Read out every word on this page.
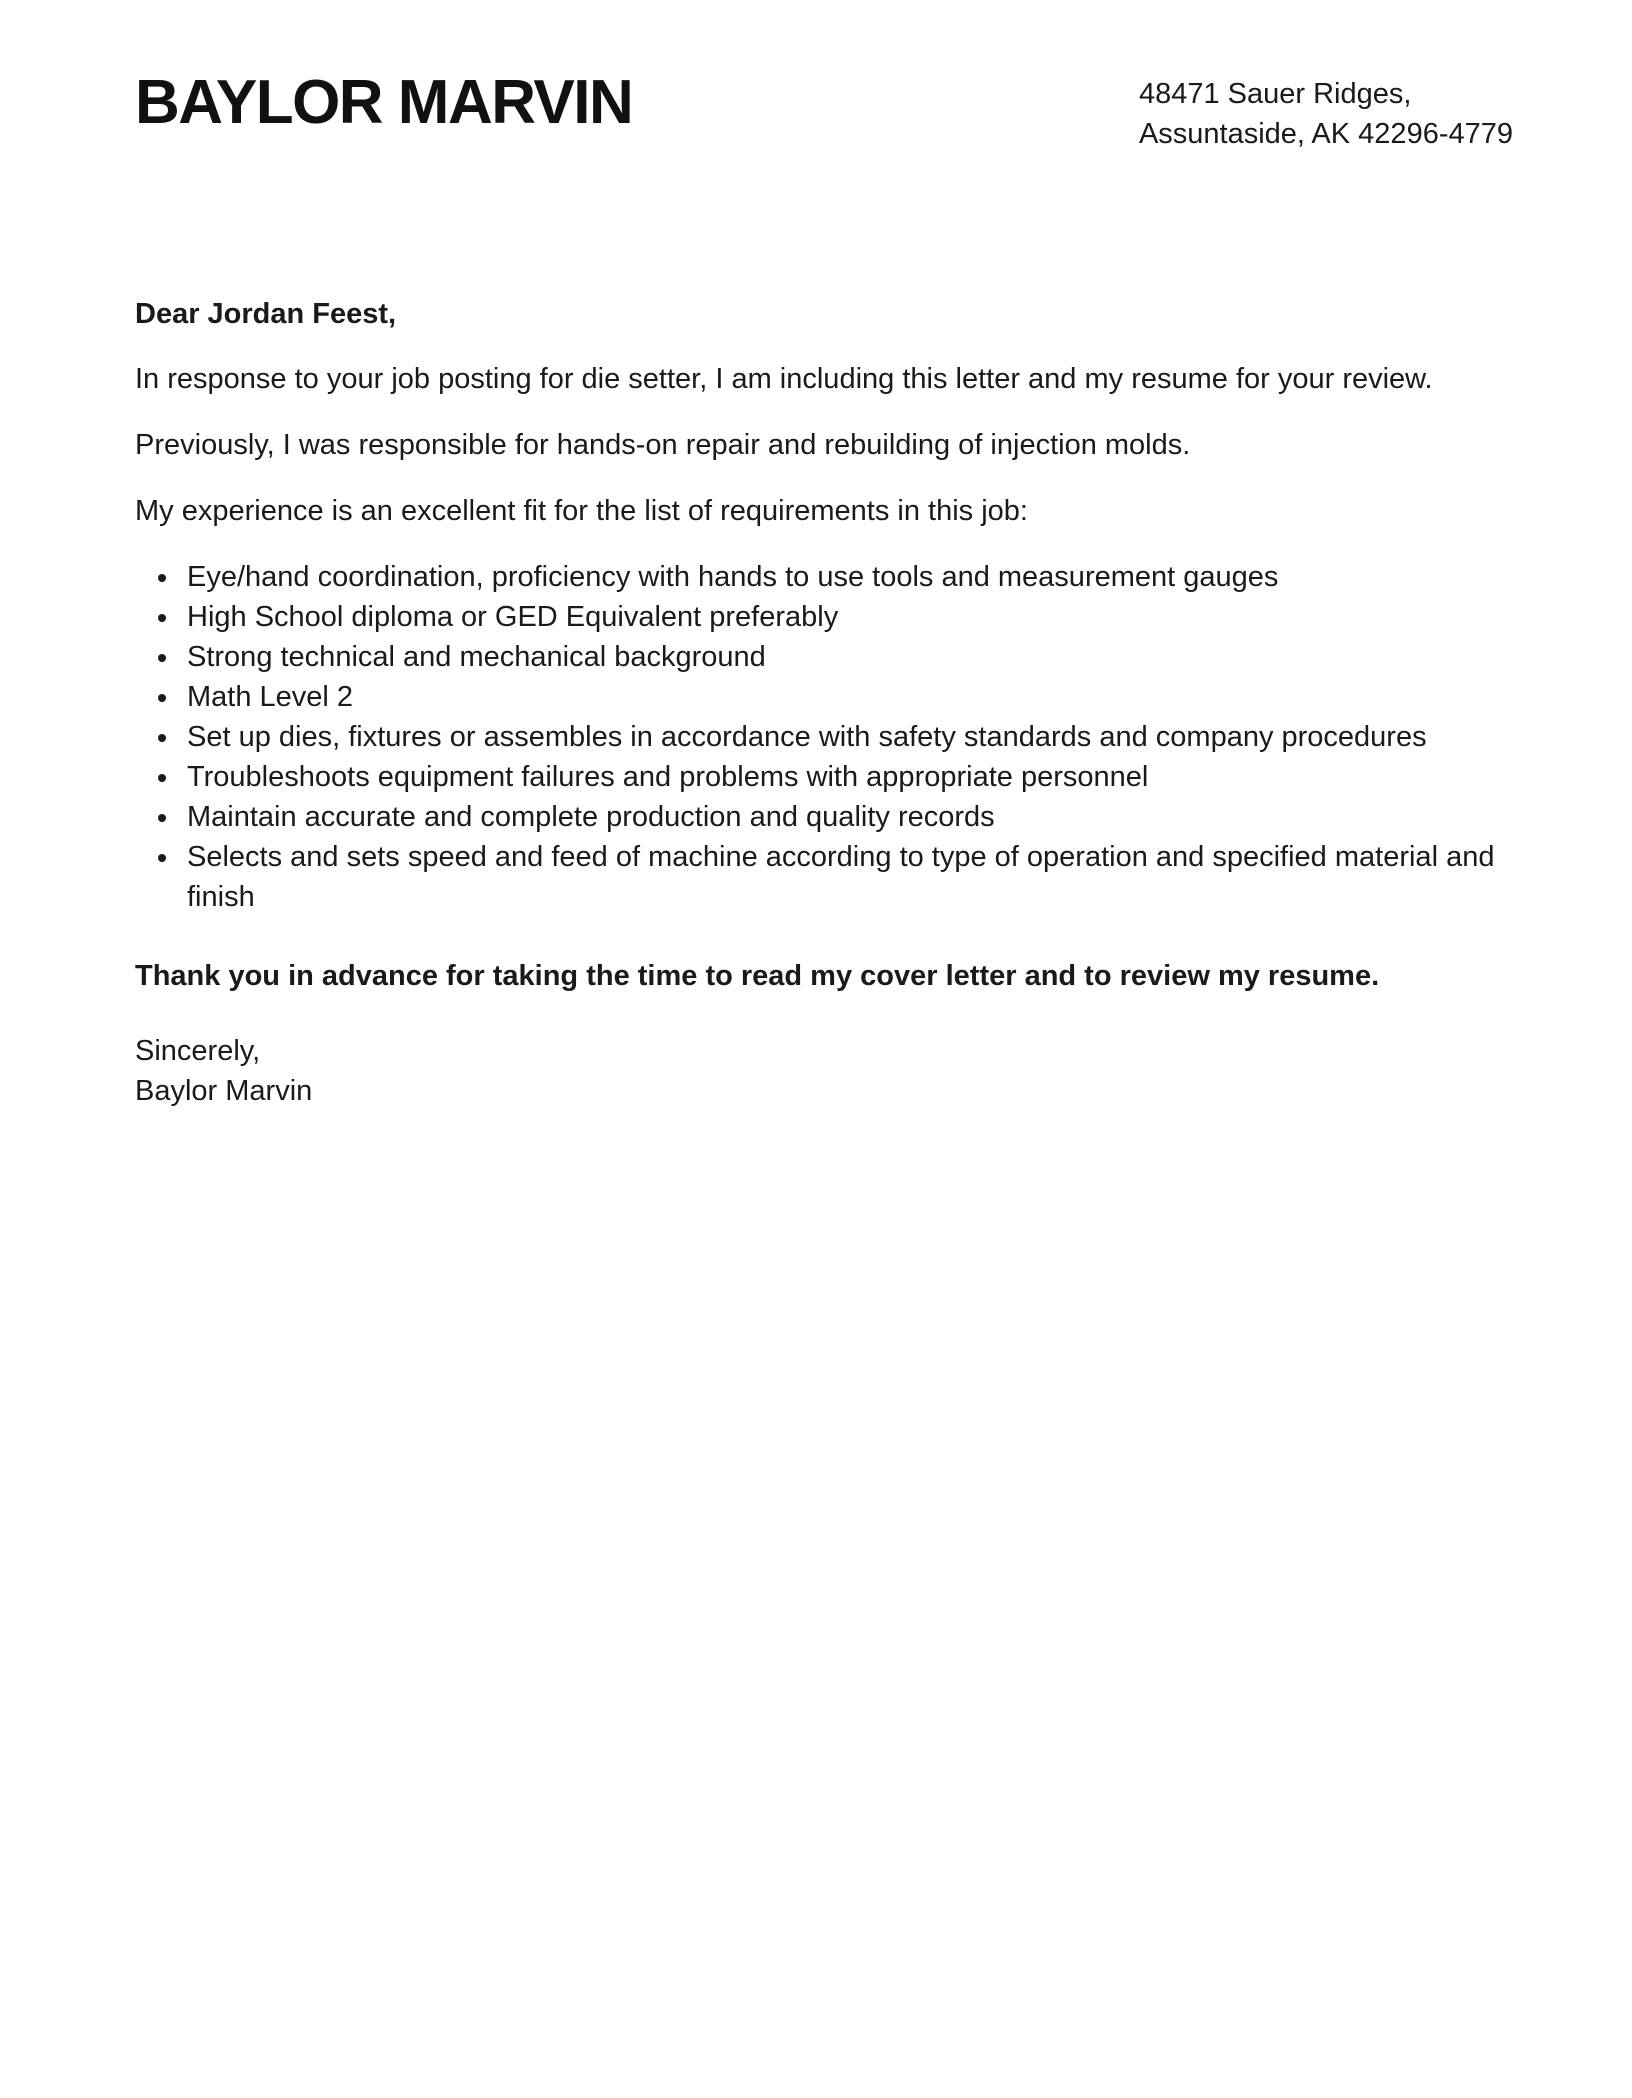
BAYLOR MARVIN	48471 Sauer Ridges,
Assuntaside, AK 42296-4779

Dear Jordan Feest,

In response to your job posting for die setter, I am including this letter and my resume for your review.

Previously, I was responsible for hands-on repair and rebuilding of injection molds.

My experience is an excellent fit for the list of requirements in this job:

• Eye/hand coordination, proficiency with hands to use tools and measurement gauges
• High School diploma or GED Equivalent preferably
• Strong technical and mechanical background
• Math Level 2
• Set up dies, fixtures or assembles in accordance with safety standards and company procedures
• Troubleshoots equipment failures and problems with appropriate personnel
• Maintain accurate and complete production and quality records
• Selects and sets speed and feed of machine according to type of operation and specified material and finish

Thank you in advance for taking the time to read my cover letter and to review my resume.

Sincerely,

Baylor Marvin
